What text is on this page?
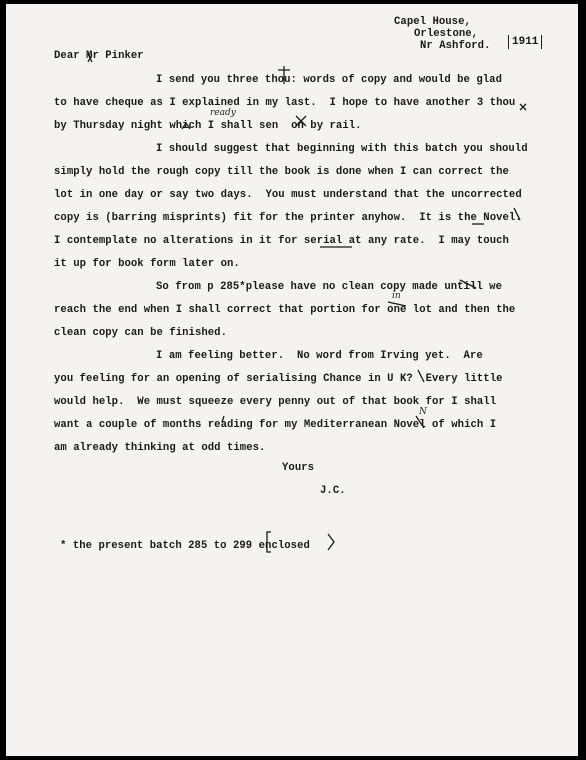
Capel House,
Orlestone,
Nr Ashford.	1911
Dear Mr Pinker
I send you three thou: words of copy and would be glad
to have cheque as I explained in my last.  I hope to have another 3 thou
by Thursday night which I shall sen  on by rail.
ready
I should suggest that beginning with this batch you should
simply hold the rough copy till the book is done when I can correct the
lot in one day or say two days.  You must understand that the uncorrected
copy is (barring misprints) fit for the printer anyhow.  It is the Novel.
I contemplate no alterations in it for serial at any rate.  I may touch
it up for book form later on.
So from p 285*please have no clean copy made untill we
reach the end when I shall correct that portion for one lot and then the
clean copy can be finished.
in
I am feeling better.  No word from Irving yet.  Are
you feeling for an opening of serialising Chance in U K?  Every little
would help.  We must squeeze every penny out of that book for I shall
want a couple of months reading for my Mediterranean Novel of which I
am already thinking at odd times.
N
Yours
J.C.
* the present batch 285 to 299 enclosed
